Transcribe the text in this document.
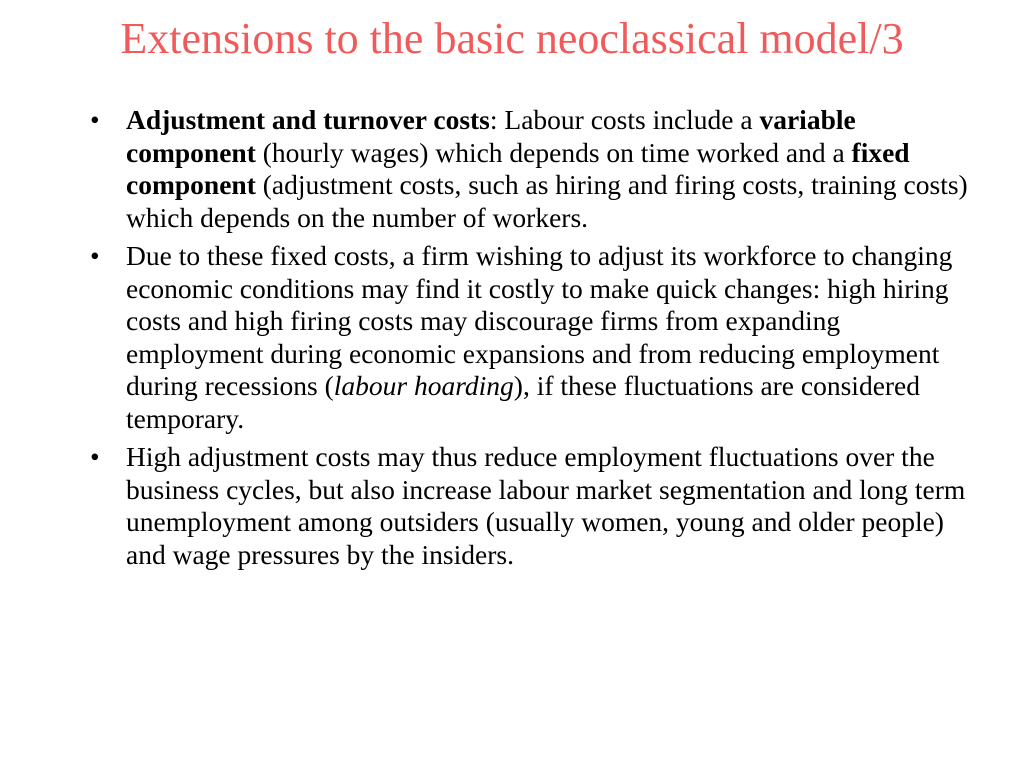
Extensions to the basic neoclassical model/3
• Adjustment and turnover costs: Labour costs include a variable component (hourly wages) which depends on time worked and a fixed component (adjustment costs, such as hiring and firing costs, training costs) which depends on the number of workers.
• Due to these fixed costs, a firm wishing to adjust its workforce to changing economic conditions may find it costly to make quick changes: high hiring costs and high firing costs may discourage firms from expanding employment during economic expansions and from reducing employment during recessions (labour hoarding), if these fluctuations are considered temporary.
• High adjustment costs may thus reduce employment fluctuations over the business cycles, but also increase labour market segmentation and long term unemployment among outsiders (usually women, young and older people) and wage pressures by the insiders.
